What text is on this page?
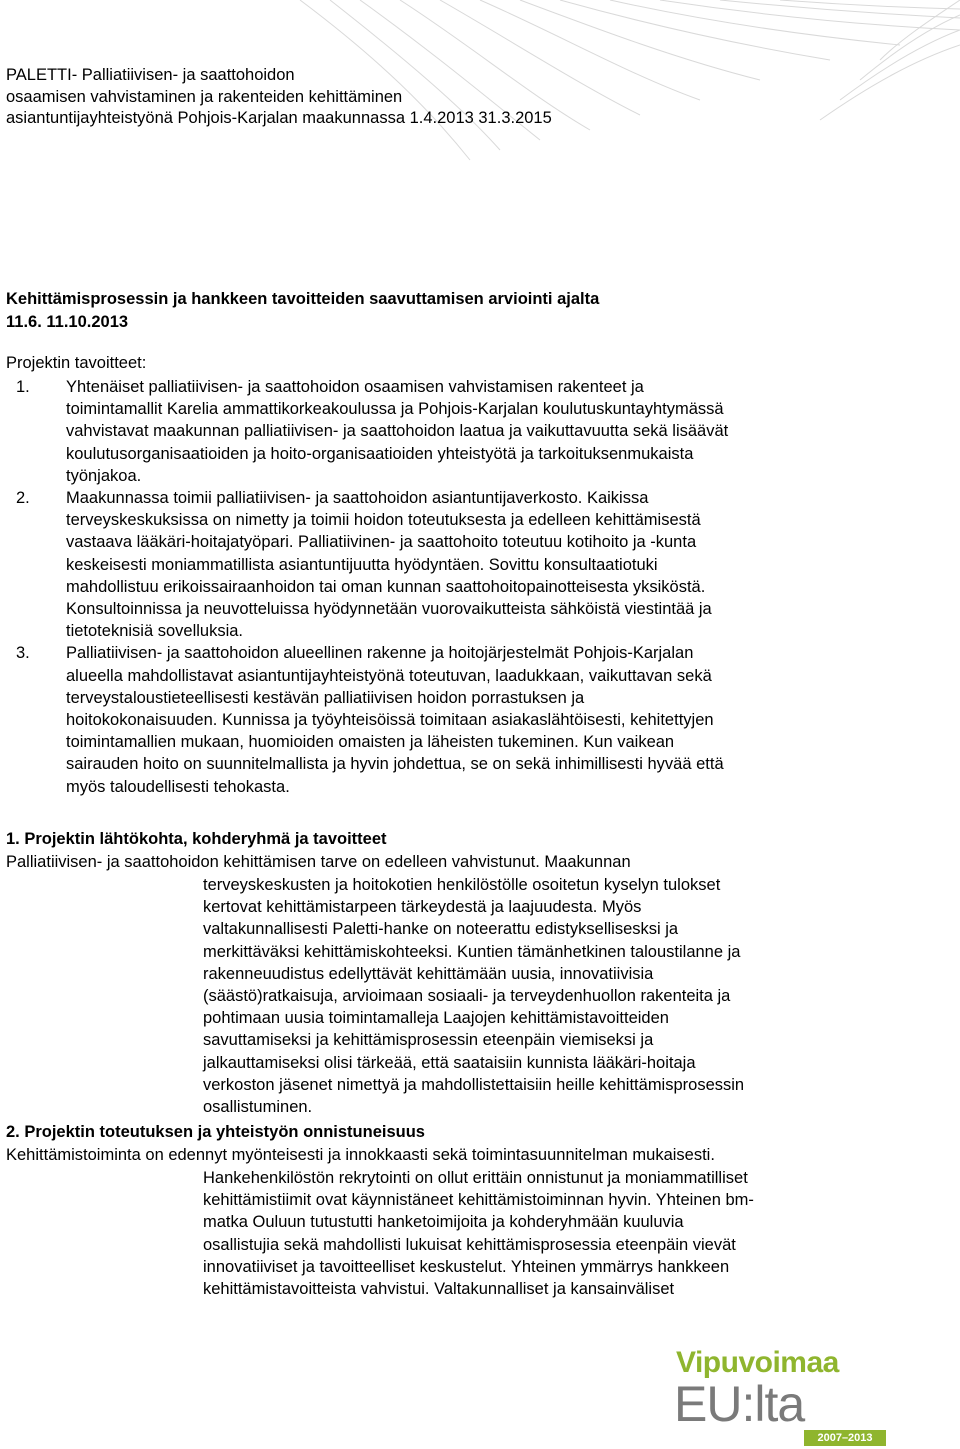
PALETTI- Palliatiivisen- ja saattohoidon
osaamisen vahvistaminen ja rakenteiden kehittäminen
asiantuntijayhteistyönä Pohjois-Karjalan maakunnassa 1.4.2013 31.3.2015
Kehittämisprosessin ja hankkeen tavoitteiden saavuttamisen arviointi ajalta
11.6. 11.10.2013
Projektin tavoitteet:
1. Yhtenäiset palliatiivisen- ja saattohoidon osaamisen vahvistamisen rakenteet ja
toimintamallit Karelia ammattikorkeakoulussa ja Pohjois-Karjalan koulutuskuntayhtymässä
vahvistavat maakunnan palliatiivisen- ja saattohoidon laatua ja vaikuttavuutta sekä lisäävät
koulutusorganisaatioiden ja hoito-organisaatioiden yhteistyötä ja tarkoituksenmukaista
työnjakoa.
2. Maakunnassa toimii palliatiivisen- ja saattohoidon asiantuntijaverkosto. Kaikissa
terveyskeskuksissa on nimetty ja toimii hoidon toteutuksesta ja edelleen kehittämisestä
vastaava lääkäri-hoitajatyöpari. Palliatiivinen- ja saattohoito toteutuu kotihoito ja -kunta
keskeisesti moniammatillista asiantuntijuutta hyödyntäen. Sovittu konsultaatiotuki
mahdollistuu erikoissairaanhoidon tai oman kunnan saattohoitopainotteisesta yksiköstä.
Konsultoinnissa ja neuvotteluissa hyödynnetään vuorovaikutteista sähköistä viestintää ja
tietoteknisiä sovelluksia.
3. Palliatiivisen- ja saattohoidon alueellinen rakenne ja hoitojärjestelmät Pohjois-Karjalan
alueella mahdollistavat asiantuntijayhteistyönä toteutuvan, laadukkaan, vaikuttavan sekä
terveystaloustieteellisesti kestävän palliatiivisen hoidon porrastuksen ja
hoitokokonaisuuden. Kunnissa ja työyhteisöissä toimitaan asiakaslähtöisesti, kehitettyjen
toimintamallien mukaan, huomioiden omaisten ja läheisten tukeminen. Kun vaikean
sairauden hoito on suunnitelmallista ja hyvin johdettua, se on sekä inhimillisesti hyvää että
myös taloudellisesti tehokasta.
1. Projektin lähtökohta, kohderyhmä ja tavoitteet
Palliatiivisen- ja saattohoidon kehittämisen tarve on edelleen vahvistunut. Maakunnan
terveyskeskusten ja hoitokotien henkilöstölle osoitetun kyselyn tulokset
kertovat kehittämistarpeen tärkeydestä ja laajuudesta. Myös
valtakunnallisesti Paletti-hanke on noteerattu edistyksellisesksi ja
merkittäväksi kehittämiskohteeksi. Kuntien tämänhetkinen taloustilanne ja
rakenneuudistus edellyttävät kehittämään uusia, innovatiivisia
(säästö)ratkaisuja, arvioimaan sosiaali- ja terveydenhuollon rakenteita ja
pohtimaan uusia toimintamalleja Laajojen kehittämistavoitteiden
savuttamiseksi ja kehittämisprosessin eteenpäin viemiseksi ja
jalkauttamiseksi olisi tärkeää, että saataisiin kunnista lääkäri-hoitaja
verkoston jäsenet nimettyä ja mahdollistettaisiin heille kehittämisprosessin
osallistuminen.
2. Projektin toteutuksen ja yhteistyön onnistuneisuus
Kehittämistoiminta on edennyt myönteisesti ja innokkaasti sekä toimintasuunnitelman mukaisesti.
Hankehenkilöstön rekrytointi on ollut erittäin onnistunut ja moniammatilliset
kehittämistiimit ovat käynnistäneet kehittämistoiminnan hyvin. Yhteinen bm-
matka Ouluun tutustutti hanketoimijoita ja kohderyhmään kuuluvia
osallistujia sekä mahdollisti lukuisat kehittämisprosessia eteenpäin vievät
innovatiiviset ja tavoitteelliset keskustelut. Yhteinen ymmärrys hankkeen
kehittämistavoitteista vahvistui. Valtakunnalliset ja kansainväliset
Vipuvoimaa
EU:lta
2007–2013
